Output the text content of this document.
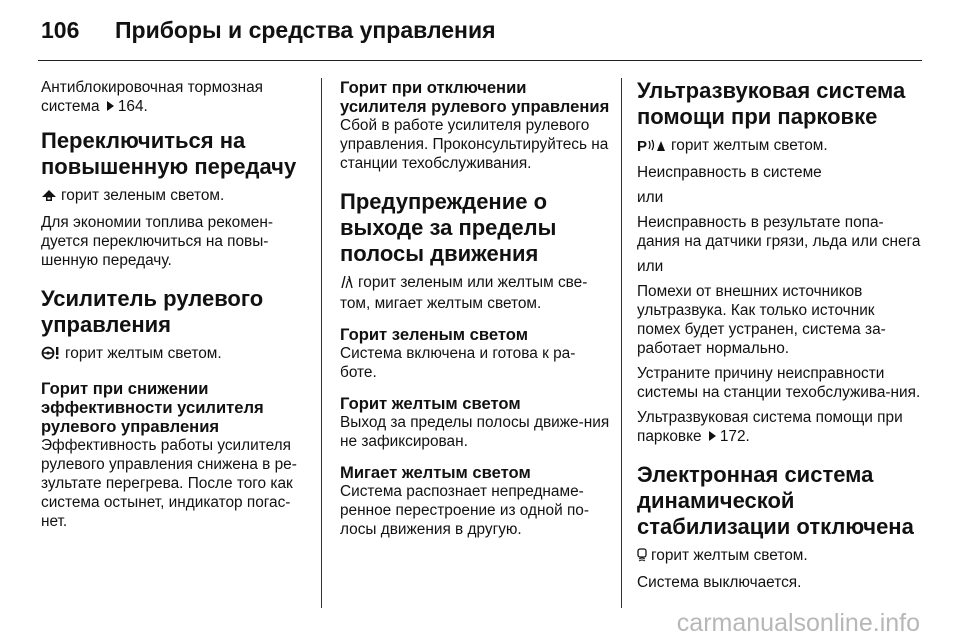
106 Приборы и средства управления

Антиблокировочная тормозная система 164.

Переключиться на повышенную передачу

горит зеленым светом.

Для экономии топлива рекомен-дуется переключиться на повы-шенную передачу.

Усилитель рулевого управления

горит желтым светом.

Горит при снижении эффективности усилителя рулевого управления

Эффективность работы усилителя рулевого управления снижена в ре-зультате перегрева. После того как система остынет, индикатор погас-нет.

Горит при отключении усилителя рулевого управления

Сбой в работе усилителя рулевого управления. Проконсультируйтесь на станции техобслуживания.

Предупреждение о выходе за пределы полосы движения

горит зеленым или желтым све-том, мигает желтым светом.

Горит зеленым светом

Система включена и готова к ра-боте.

Горит желтым светом

Выход за пределы полосы движе-ния не зафиксирован.

Мигает желтым светом

Система распознает непреднаме-ренное перестроение из одной по-лосы движения в другую.

Ультразвуковая система помощи при парковке

P горит желтым светом.

Неисправность в системе

или

Неисправность в результате попа-дания на датчики грязи, льда или снега

или

Помехи от внешних источников ультразвука. Как только источник помех будет устранен, система за-работает нормально.

Устраните причину неисправности системы на станции техобслужива-ния.

Ультразвуковая система помощи при парковке 172.

Электронная система динамической стабилизации отключена

горит желтым светом.

Система выключается.

carmanualsonline.info
